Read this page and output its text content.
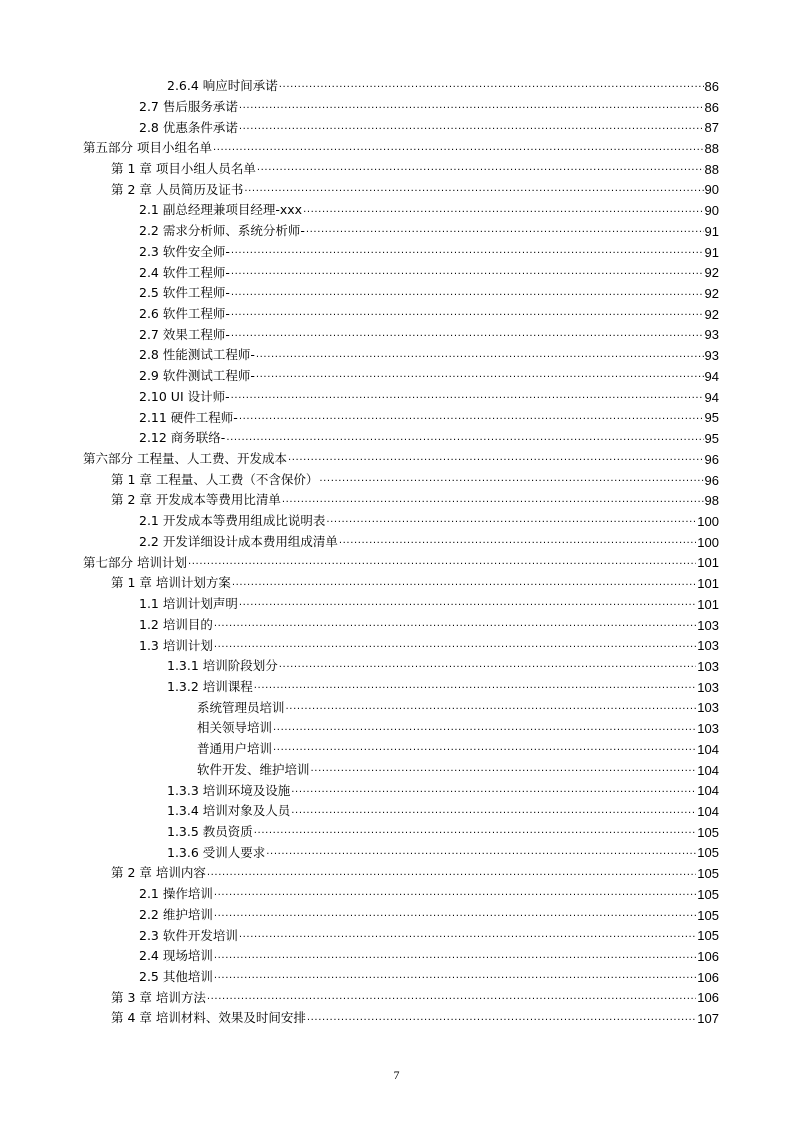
2.6.4 响应时间承诺 .....	86
2.7 售后服务承诺 .....	86
2.8 优惠条件承诺 .....	87
第五部分 项目小组名单 .....	88
第 1 章 项目小组人员名单 .....	88
第 2 章 人员简历及证书 .....	90
2.1 副总经理兼项目经理-xxx .....	90
2.2 需求分析师、系统分析师- .....	91
2.3 软件安全师- .....	91
2.4 软件工程师- .....	92
2.5 软件工程师- .....	92
2.6 软件工程师- .....	92
2.7 效果工程师- .....	93
2.8 性能测试工程师- .....	93
2.9 软件测试工程师- .....	94
2.10 UI 设计师- .....	94
2.11 硬件工程师- .....	95
2.12 商务联络- .....	95
第六部分 工程量、人工费、开发成本 .....	96
第 1 章 工程量、人工费（不含保价） .....	96
第 2 章 开发成本等费用比清单 .....	98
2.1 开发成本等费用组成比说明表 .....	100
2.2 开发详细设计成本费用组成清单 .....	100
第七部分 培训计划 .....	101
第 1 章 培训计划方案 .....	101
1.1 培训计划声明 .....	101
1.2 培训目的 .....	103
1.3 培训计划 .....	103
1.3.1 培训阶段划分 .....	103
1.3.2 培训课程 .....	103
系统管理员培训 .....	103
相关领导培训 .....	103
普通用户培训 .....	104
软件开发、维护培训 .....	104
1.3.3 培训环境及设施 .....	104
1.3.4 培训对象及人员 .....	104
1.3.5 教员资质 .....	105
1.3.6 受训人要求 .....	105
第 2 章 培训内容 .....	105
2.1 操作培训 .....	105
2.2 维护培训 .....	105
2.3 软件开发培训 .....	105
2.4 现场培训 .....	106
2.5 其他培训 .....	106
第 3 章 培训方法 .....	106
第 4 章 培训材料、效果及时间安排 .....	107
7
